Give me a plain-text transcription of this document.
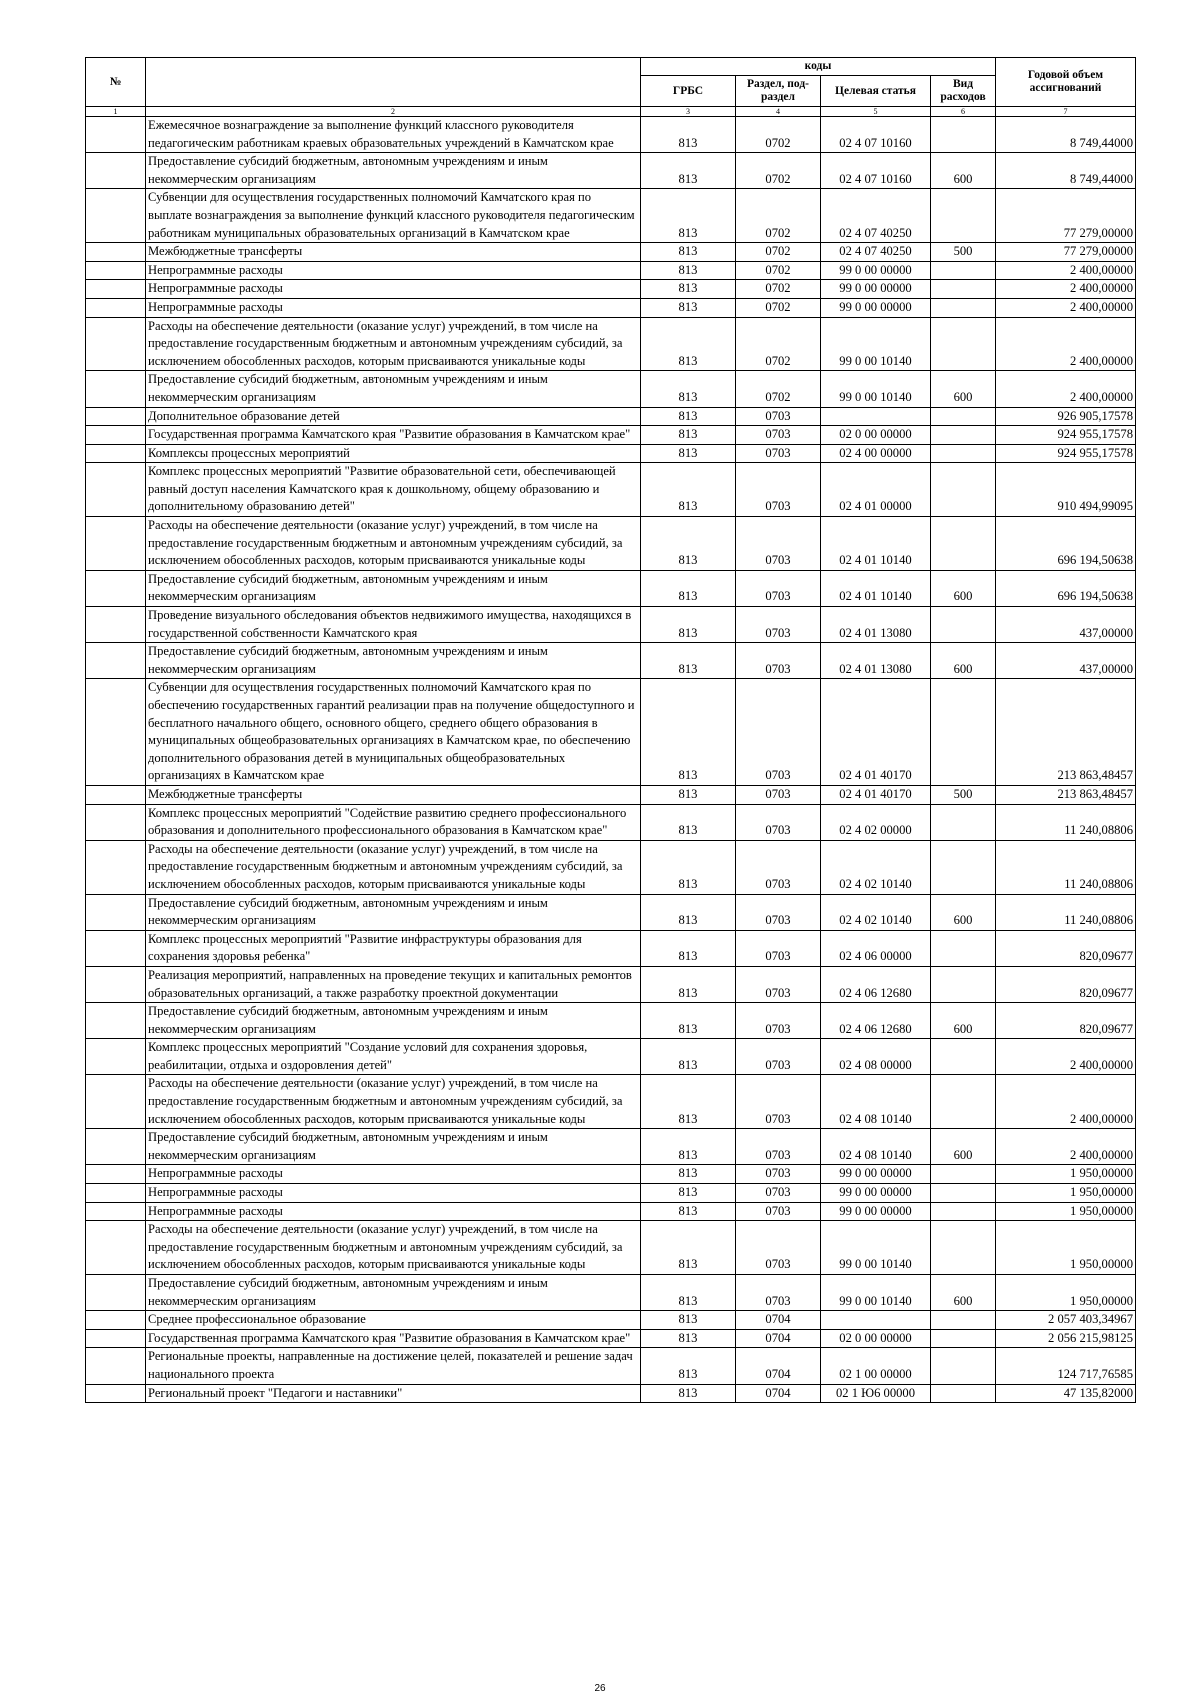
№		коды				Годовой объем ассигнований
		ГРБС	Раздел, под- раздел	Целевая статья	Вид расходов	
1	2	3	4	5	6	7
	Ежемесячное вознаграждение за выполнение функций классного руководителя педагогическим работникам краевых образовательных учреждений в Камчатском крае	813	0702	02 4 07 10160		8 749,44000
	Предоставление субсидий бюджетным, автономным учреждениям и иным некоммерческим организациям	813	0702	02 4 07 10160	600	8 749,44000
	Субвенции для осуществления государственных полномочий Камчатского края по выплате вознаграждения за выполнение функций классного руководителя педагогическим работникам муниципальных образовательных организаций в Камчатском крае	813	0702	02 4 07 40250		77 279,00000
	Межбюджетные трансферты	813	0702	02 4 07 40250	500	77 279,00000
	Непрограммные расходы	813	0702	99 0 00 00000		2 400,00000
	Непрограммные расходы	813	0702	99 0 00 00000		2 400,00000
	Непрограммные расходы	813	0702	99 0 00 00000		2 400,00000
	Расходы на обеспечение деятельности (оказание услуг) учреждений, в том числе на предоставление государственным бюджетным и автономным учреждениям субсидий, за исключением обособленных расходов, которым присваиваются уникальные коды	813	0702	99 0 00 10140		2 400,00000
	Предоставление субсидий бюджетным, автономным учреждениям и иным некоммерческим организациям	813	0702	99 0 00 10140	600	2 400,00000
	Дополнительное образование детей	813	0703			926 905,17578
	Государственная программа Камчатского края "Развитие образования в Камчатском крае"	813	0703	02 0 00 00000		924 955,17578
	Комплексы процессных мероприятий	813	0703	02 4 00 00000		924 955,17578
	Комплекс процессных мероприятий "Развитие образовательной сети, обеспечивающей равный доступ населения Камчатского края к дошкольному, общему образованию и дополнительному образованию детей"	813	0703	02 4 01 00000		910 494,99095
	Расходы на обеспечение деятельности (оказание услуг) учреждений, в том числе на предоставление государственным бюджетным и автономным учреждениям субсидий, за исключением обособленных расходов, которым присваиваются уникальные коды	813	0703	02 4 01 10140		696 194,50638
	Предоставление субсидий бюджетным, автономным учреждениям и иным некоммерческим организациям	813	0703	02 4 01 10140	600	696 194,50638
	Проведение визуального обследования объектов недвижимого имущества, находящихся в государственной собственности Камчатского края	813	0703	02 4 01 13080		437,00000
	Предоставление субсидий бюджетным, автономным учреждениям и иным некоммерческим организациям	813	0703	02 4 01 13080	600	437,00000
	Субвенции для осуществления государственных полномочий Камчатского края по обеспечению государственных гарантий реализации прав на получение общедоступного и бесплатного начального общего, основного общего, среднего общего образования в муниципальных общеобразовательных организациях в Камчатском крае, по обеспечению дополнительного образования детей в муниципальных общеобразовательных организациях в Камчатском крае	813	0703	02 4 01 40170		213 863,48457
	Межбюджетные трансферты	813	0703	02 4 01 40170	500	213 863,48457
	Комплекс процессных мероприятий "Содействие развитию среднего профессионального образования и дополнительного профессионального образования в Камчатском крае"	813	0703	02 4 02 00000		11 240,08806
	Расходы на обеспечение деятельности (оказание услуг) учреждений, в том числе на предоставление государственным бюджетным и автономным учреждениям субсидий, за исключением обособленных расходов, которым присваиваются уникальные коды	813	0703	02 4 02 10140		11 240,08806
	Предоставление субсидий бюджетным, автономным учреждениям и иным некоммерческим организациям	813	0703	02 4 02 10140	600	11 240,08806
	Комплекс процессных мероприятий "Развитие инфраструктуры образования для сохранения здоровья ребенка"	813	0703	02 4 06 00000		820,09677
	Реализация мероприятий, направленных на проведение текущих и капитальных ремонтов образовательных организаций, а также разработку проектной документации	813	0703	02 4 06 12680		820,09677
	Предоставление субсидий бюджетным, автономным учреждениям и иным некоммерческим организациям	813	0703	02 4 06 12680	600	820,09677
	Комплекс процессных мероприятий "Создание условий для сохранения здоровья, реабилитации, отдыха и оздоровления детей"	813	0703	02 4 08 00000		2 400,00000
	Расходы на обеспечение деятельности (оказание услуг) учреждений, в том числе на предоставление государственным бюджетным и автономным учреждениям субсидий, за исключением обособленных расходов, которым присваиваются уникальные коды	813	0703	02 4 08 10140		2 400,00000
	Предоставление субсидий бюджетным, автономным учреждениям и иным некоммерческим организациям	813	0703	02 4 08 10140	600	2 400,00000
	Непрограммные расходы	813	0703	99 0 00 00000		1 950,00000
	Непрограммные расходы	813	0703	99 0 00 00000		1 950,00000
	Непрограммные расходы	813	0703	99 0 00 00000		1 950,00000
	Расходы на обеспечение деятельности (оказание услуг) учреждений, в том числе на предоставление государственным бюджетным и автономным учреждениям субсидий, за исключением обособленных расходов, которым присваиваются уникальные коды	813	0703	99 0 00 10140		1 950,00000
	Предоставление субсидий бюджетным, автономным учреждениям и иным некоммерческим организациям	813	0703	99 0 00 10140	600	1 950,00000
	Среднее профессиональное образование	813	0704			2 057 403,34967
	Государственная программа Камчатского края "Развитие образования в Камчатском крае"	813	0704	02 0 00 00000		2 056 215,98125
	Региональные проекты, направленные на достижение целей, показателей и решение задач национального проекта	813	0704	02 1 00 00000		124 717,76585
	Региональный проект "Педагоги и наставники"	813	0704	02 1 Ю6 00000		47 135,82000
26
